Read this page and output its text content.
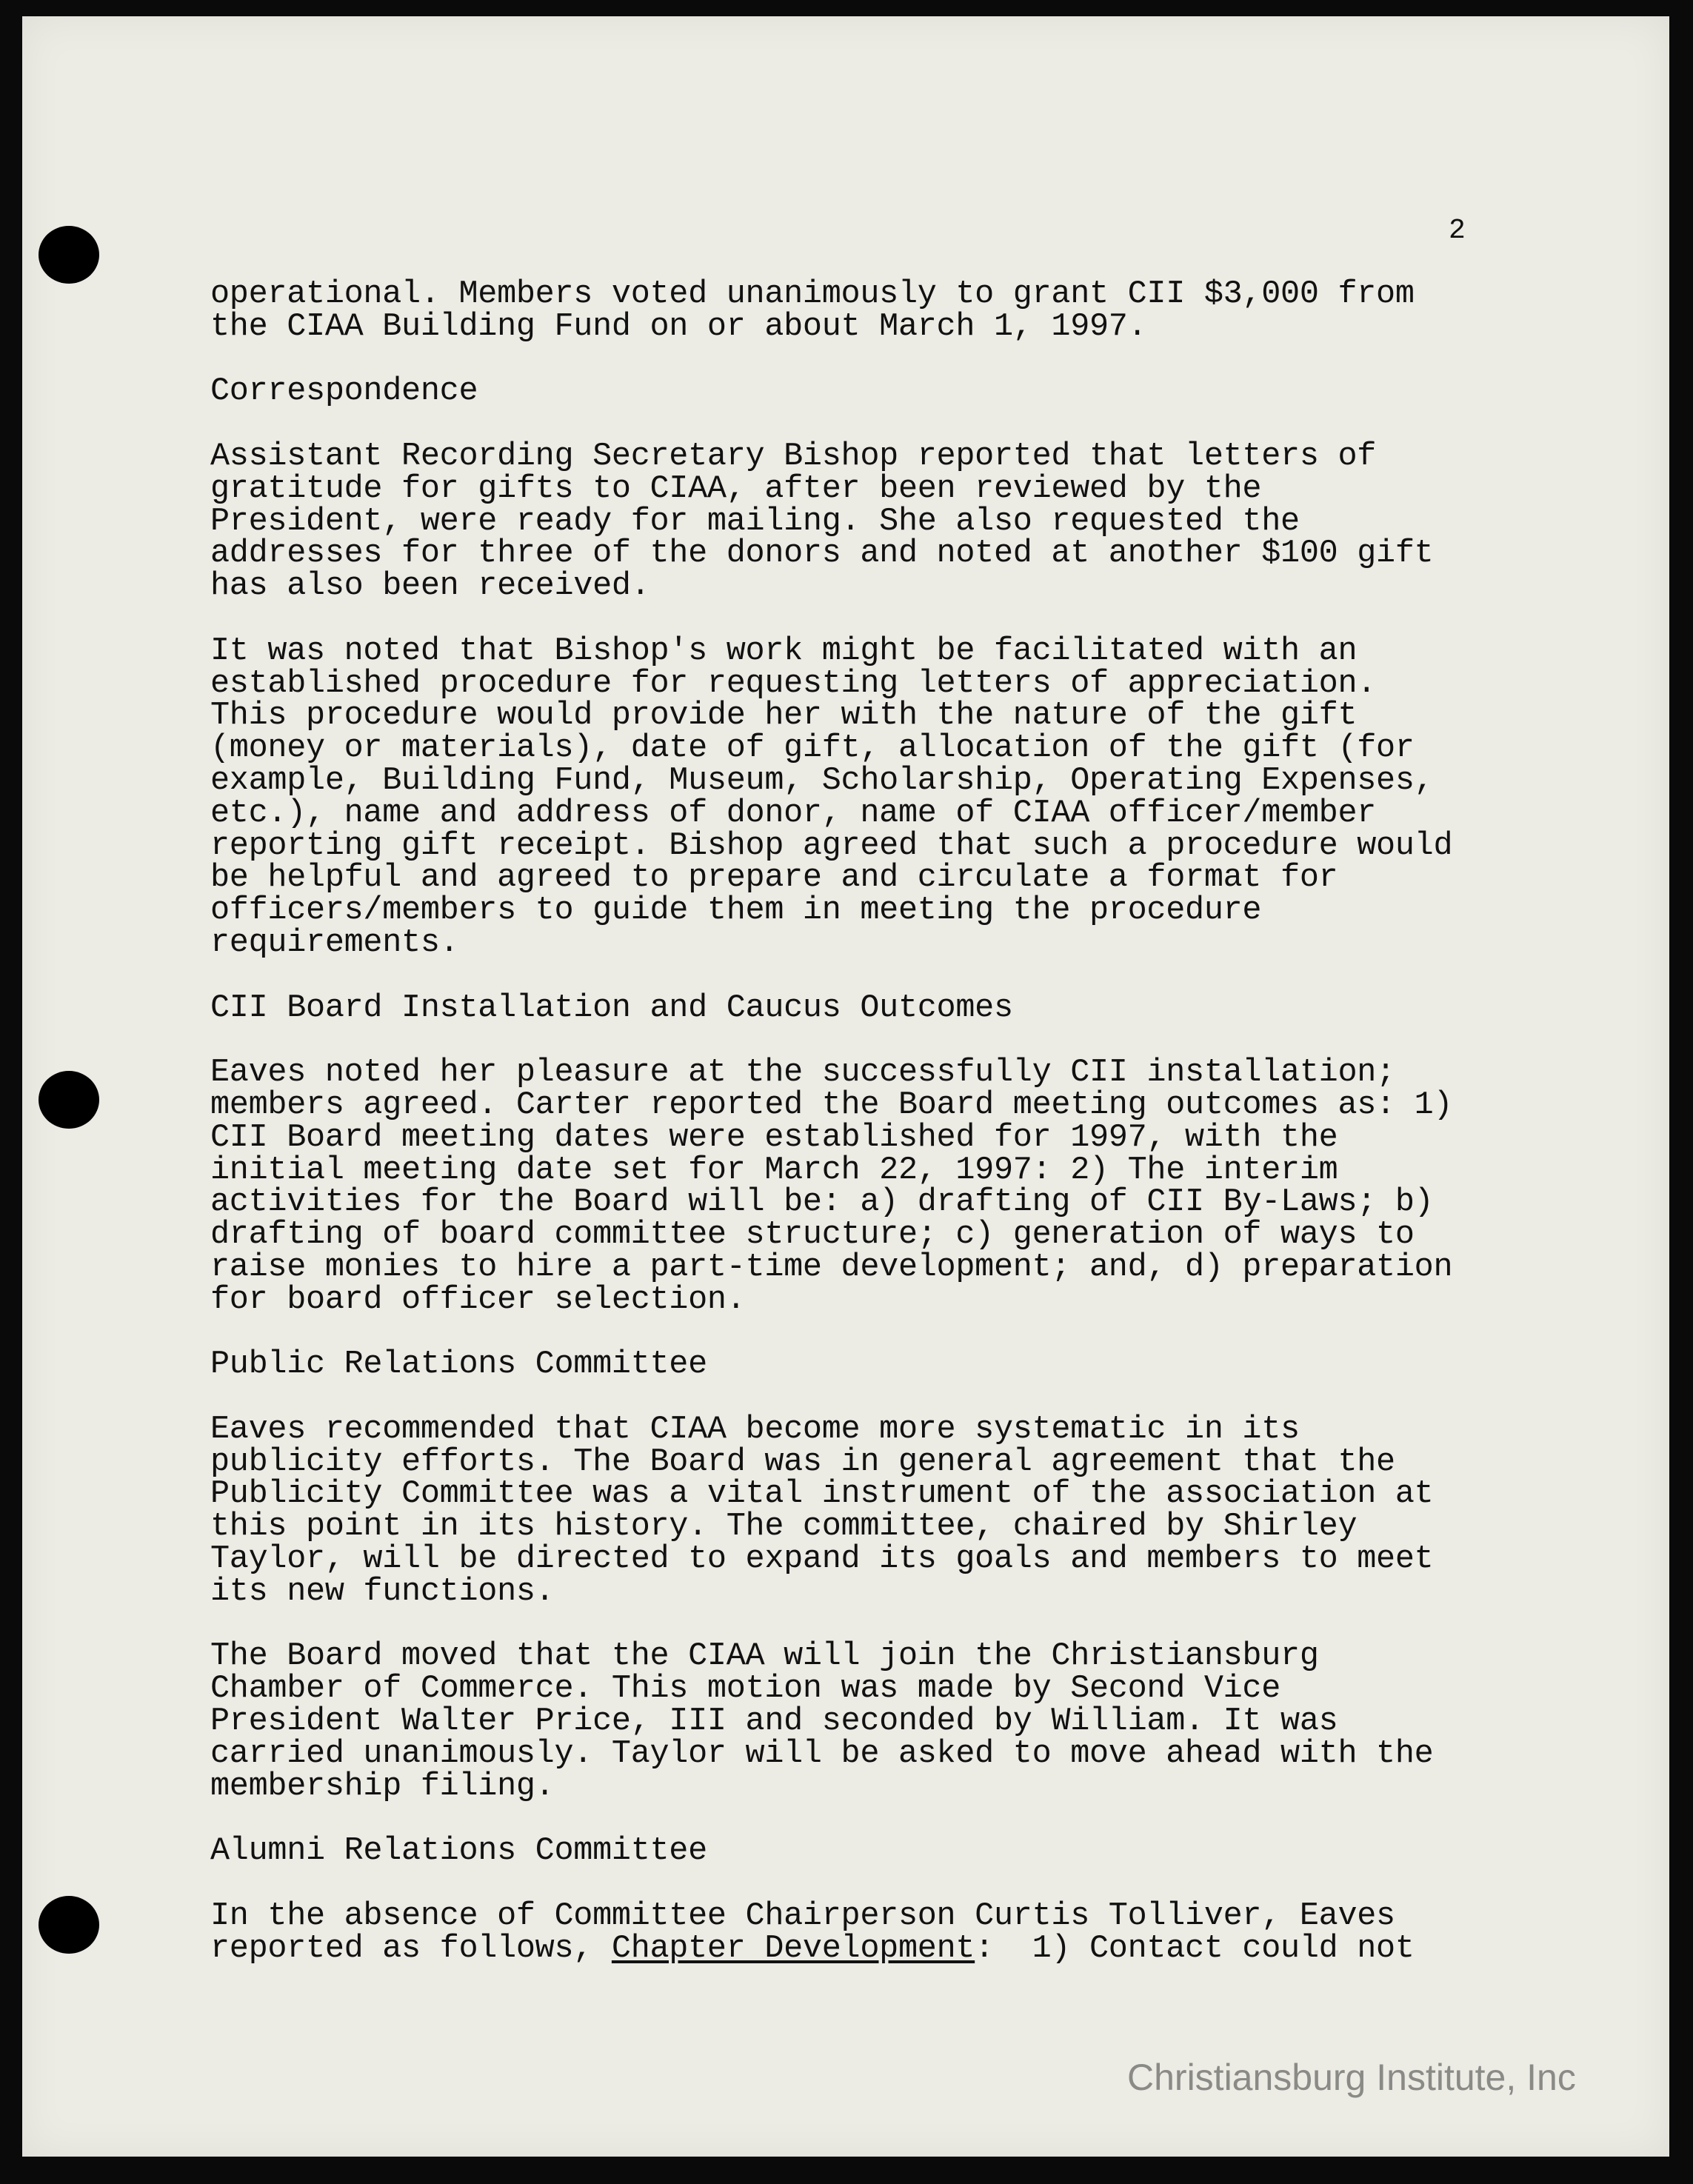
2
operational. Members voted unanimously to grant CII $3,000 from
the CIAA Building Fund on or about March 1, 1997.
Correspondence
Assistant Recording Secretary Bishop reported that letters of
gratitude for gifts to CIAA, after been reviewed by the
President, were ready for mailing. She also requested the
addresses for three of the donors and noted at another $100 gift
has also been received.
It was noted that Bishop's work might be facilitated with an
established procedure for requesting letters of appreciation.
This procedure would provide her with the nature of the gift
(money or materials), date of gift, allocation of the gift (for
example, Building Fund, Museum, Scholarship, Operating Expenses,
etc.), name and address of donor, name of CIAA officer/member
reporting gift receipt. Bishop agreed that such a procedure would
be helpful and agreed to prepare and circulate a format for
officers/members to guide them in meeting the procedure
requirements.
CII Board Installation and Caucus Outcomes
Eaves noted her pleasure at the successfully CII installation;
members agreed. Carter reported the Board meeting outcomes as: 1)
CII Board meeting dates were established for 1997, with the
initial meeting date set for March 22, 1997: 2) The interim
activities for the Board will be: a) drafting of CII By-Laws; b)
drafting of board committee structure; c) generation of ways to
raise monies to hire a part-time development; and, d) preparation
for board officer selection.
Public Relations Committee
Eaves recommended that CIAA become more systematic in its
publicity efforts. The Board was in general agreement that the
Publicity Committee was a vital instrument of the association at
this point in its history. The committee, chaired by Shirley
Taylor, will be directed to expand its goals and members to meet
its new functions.
The Board moved that the CIAA will join the Christiansburg
Chamber of Commerce. This motion was made by Second Vice
President Walter Price, III and seconded by William. It was
carried unanimously. Taylor will be asked to move ahead with the
membership filing.
Alumni Relations Committee
In the absence of Committee Chairperson Curtis Tolliver, Eaves
reported as follows, Chapter Development:  1) Contact could not
Christiansburg Institute, Inc
